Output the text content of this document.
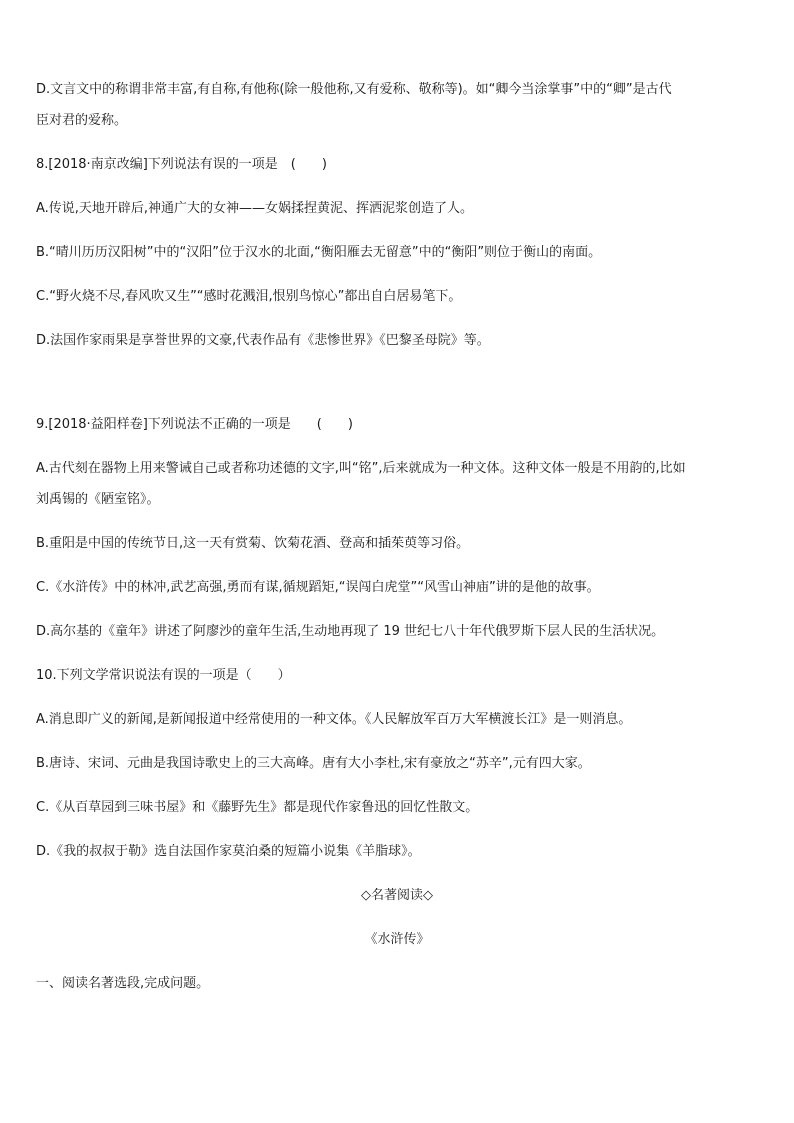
D.文言文中的称谓非常丰富,有自称,有他称(除一般他称,又有爱称、敬称等)。如“卿今当涂掌事”中的“卿”是古代
臣对君的爱称。
8.[2018·南京改编]下列说法有误的一项是　(　　)
A.传说,天地开辟后,神通广大的女神——女娲揉捏黄泥、挥洒泥浆创造了人。
B.“晴川历历汉阳树”中的“汉阳”位于汉水的北面,“衡阳雁去无留意”中的“衡阳”则位于衡山的南面。
C.“野火烧不尽,春风吹又生”“感时花溅泪,恨别鸟惊心”都出自白居易笔下。
D.法国作家雨果是享誉世界的文豪,代表作品有《悲惨世界》《巴黎圣母院》等。
9.[2018·益阳样卷]下列说法不正确的一项是　　(　　)
A.古代刻在器物上用来警诫自己或者称功述德的文字,叫“铭”,后来就成为一种文体。这种文体一般是不用韵的,比如
刘禹锡的《陋室铭》。
B.重阳是中国的传统节日,这一天有赏菊、饮菊花酒、登高和插茱萸等习俗。
C.《水浒传》中的林冲,武艺高强,勇而有谋,循规蹈矩,“误闯白虎堂”“风雪山神庙”讲的是他的故事。
D.高尔基的《童年》讲述了阿廖沙的童年生活,生动地再现了 19 世纪七八十年代俄罗斯下层人民的生活状况。
10.下列文学常识说法有误的一项是（　　）
A.消息即广义的新闻,是新闻报道中经常使用的一种文体。《人民解放军百万大军横渡长江》是一则消息。
B.唐诗、宋词、元曲是我国诗歌史上的三大高峰。唐有大小李杜,宋有豪放之“苏辛”,元有四大家。
C.《从百草园到三味书屋》和《藤野先生》都是现代作家鲁迅的回忆性散文。
D.《我的叔叔于勒》选自法国作家莫泊桑的短篇小说集《羊脂球》。
◇名著阅读◇
《水浒传》
一、阅读名著选段,完成问题。
